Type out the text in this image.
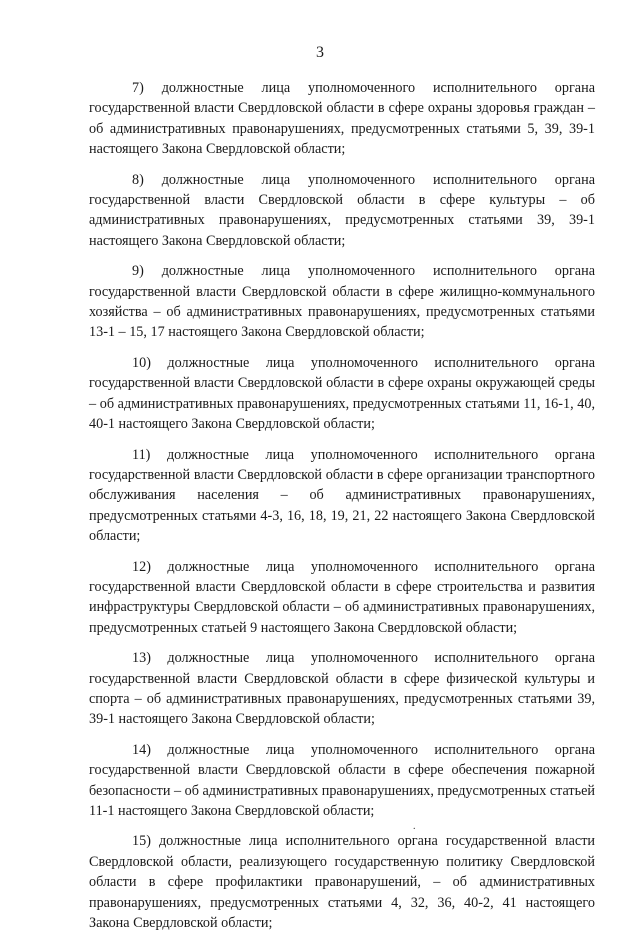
3

7) должностные лица уполномоченного исполнительного органа государственной власти Свердловской области в сфере охраны здоровья граждан – об административных правонарушениях, предусмотренных статьями 5, 39, 39-1 настоящего Закона Свердловской области;

8) должностные лица уполномоченного исполнительного органа государственной власти Свердловской области в сфере культуры – об административных правонарушениях, предусмотренных статьями 39, 39-1 настоящего Закона Свердловской области;

9) должностные лица уполномоченного исполнительного органа государственной власти Свердловской области в сфере жилищно-коммунального хозяйства – об административных правонарушениях, предусмотренных статьями 13-1 – 15, 17 настоящего Закона Свердловской области;

10) должностные лица уполномоченного исполнительного органа государственной власти Свердловской области в сфере охраны окружающей среды – об административных правонарушениях, предусмотренных статьями 11, 16-1, 40, 40-1 настоящего Закона Свердловской области;

11) должностные лица уполномоченного исполнительного органа государственной власти Свердловской области в сфере организации транспортного обслуживания населения – об административных правонарушениях, предусмотренных статьями 4-3, 16, 18, 19, 21, 22 настоящего Закона Свердловской области;

12) должностные лица уполномоченного исполнительного органа государственной власти Свердловской области в сфере строительства и развития инфраструктуры Свердловской области – об административных правонарушениях, предусмотренных статьей 9 настоящего Закона Свердловской области;

13) должностные лица уполномоченного исполнительного органа государственной власти Свердловской области в сфере физической культуры и спорта – об административных правонарушениях, предусмотренных статьями 39, 39-1 настоящего Закона Свердловской области;

14) должностные лица уполномоченного исполнительного органа государственной власти Свердловской области в сфере обеспечения пожарной безопасности – об административных правонарушениях, предусмотренных статьей 11-1 настоящего Закона Свердловской области;

15) должностные лица исполнительного органа государственной власти Свердловской области, реализующего государственную политику Свердловской области в сфере профилактики правонарушений, – об административных правонарушениях, предусмотренных статьями 4, 32, 36, 40-2, 41 настоящего Закона Свердловской области;

.
